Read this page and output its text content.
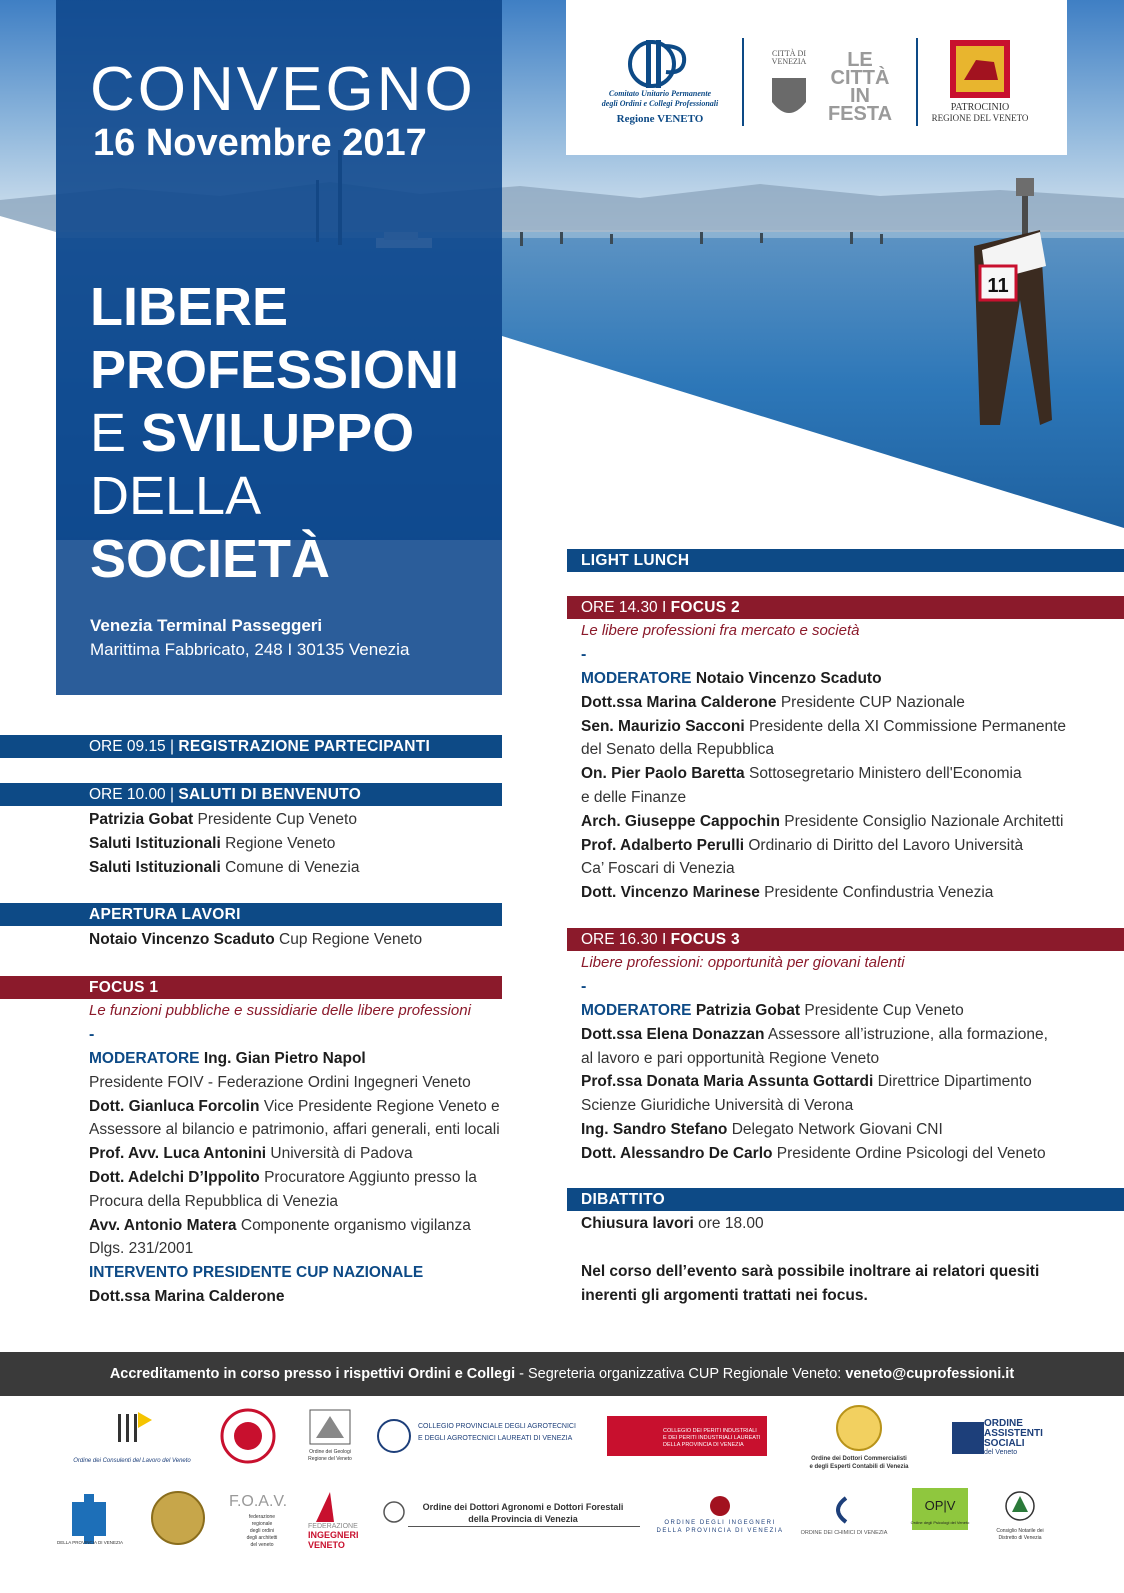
11
CONVEGNO
16 Novembre 2017
LIBERE
PROFESSIONI
E SVILUPPO
DELLA
SOCIETÀ
Venezia Terminal Passeggeri
Marittima Fabbricato, 248 I 30135 Venezia
Comitato Unitario Permanente
degli Ordini e Collegi Professionali
Regione VENETO
CITTÀ DI
VENEZIA LE
CITTÀ
IN
FESTA	PATROCINIO
REGIONE DEL VENETO
ORE 09.15 | REGISTRAZIONE PARTECIPANTI
ORE 10.00 | SALUTI DI BENVENUTO
Patrizia Gobat Presidente Cup Veneto
Saluti Istituzionali Regione Veneto
Saluti Istituzionali Comune di Venezia
APERTURA LAVORI
Notaio Vincenzo Scaduto Cup Regione Veneto
FOCUS 1
Le funzioni pubbliche e sussidiarie delle libere professioni
-
MODERATORE Ing. Gian Pietro Napol
Presidente FOIV - Federazione Ordini Ingegneri Veneto
Dott. Gianluca Forcolin Vice Presidente Regione Veneto e
Assessore al bilancio e patrimonio, affari generali, enti locali
Prof. Avv. Luca Antonini Università di Padova
Dott. Adelchi D’Ippolito Procuratore Aggiunto presso la
Procura della Repubblica di Venezia
Avv. Antonio Matera Componente organismo vigilanza
Dlgs. 231/2001
INTERVENTO PRESIDENTE CUP NAZIONALE
Dott.ssa Marina Calderone
LIGHT LUNCH
ORE 14.30 I FOCUS 2
Le libere professioni fra mercato e società
-
MODERATORE Notaio Vincenzo Scaduto
Dott.ssa Marina Calderone Presidente CUP Nazionale
Sen. Maurizio Sacconi Presidente della XI Commissione Permanente
del Senato della Repubblica
On. Pier Paolo Baretta Sottosegretario Ministero dell'Economia
e delle Finanze
Arch. Giuseppe Cappochin Presidente Consiglio Nazionale Architetti
Prof. Adalberto Perulli Ordinario di Diritto del Lavoro Università
Ca’ Foscari di Venezia
Dott. Vincenzo Marinese Presidente Confindustria Venezia
ORE 16.30 I FOCUS 3
Libere professioni: opportunità per giovani talenti
-
MODERATORE Patrizia Gobat Presidente Cup Veneto
Dott.ssa Elena Donazzan Assessore all’istruzione, alla formazione,
al lavoro e pari opportunità Regione Veneto
Prof.ssa Donata Maria Assunta Gottardi Direttrice Dipartimento
Scienze Giuridiche Università di Verona
Ing. Sandro Stefano Delegato Network Giovani CNI
Dott. Alessandro De Carlo Presidente Ordine Psicologi del Veneto
DIBATTITO
Chiusura lavori ore 18.00
Nel corso dell’evento sarà possibile inoltrare ai relatori quesiti
inerenti gli argomenti trattati nei focus.
Accreditamento in corso presso i rispettivi Ordini e Collegi - Segreteria organizzativa CUP Regionale Veneto: veneto@cuprofessioni.it
Ordine dei Consulenti del Lavoro del Veneto
Ordine dei Geologi
Regione del Veneto
COLLEGIO PROVINCIALE DEGLI AGROTECNICI
E DEGLI AGROTECNICI LAUREATI DI VENEZIA
COLLEGIO DEI PERITI INDUSTRIALI
E DEI PERITI INDUSTRIALI LAUREATI
DELLA PROVINCIA DI VENEZIA
Ordine dei Dottori Commercialisti
e degli Esperti Contabili di Venezia
ORDINE
ASSISTENTI
SOCIALI
del Veneto
DELLA PROVINCIA DI VENEZIA
F.O.A.V.
federazione
regionale
degli ordini
degli architetti
del veneto
FEDERAZIONE
INGEGNERI
VENETO
Ordine dei Dottori Agronomi e Dottori Forestali
della Provincia di Venezia	ORDINE DEGLI INGEGNERI
DELLA PROVINCIA DI VENEZIA	ORDINE DEI CHIMICI DI VENEZIA
OP|V
Ordine degli Psicologi del Veneto
Consiglio Notarile dei
Distretto di Venezia
